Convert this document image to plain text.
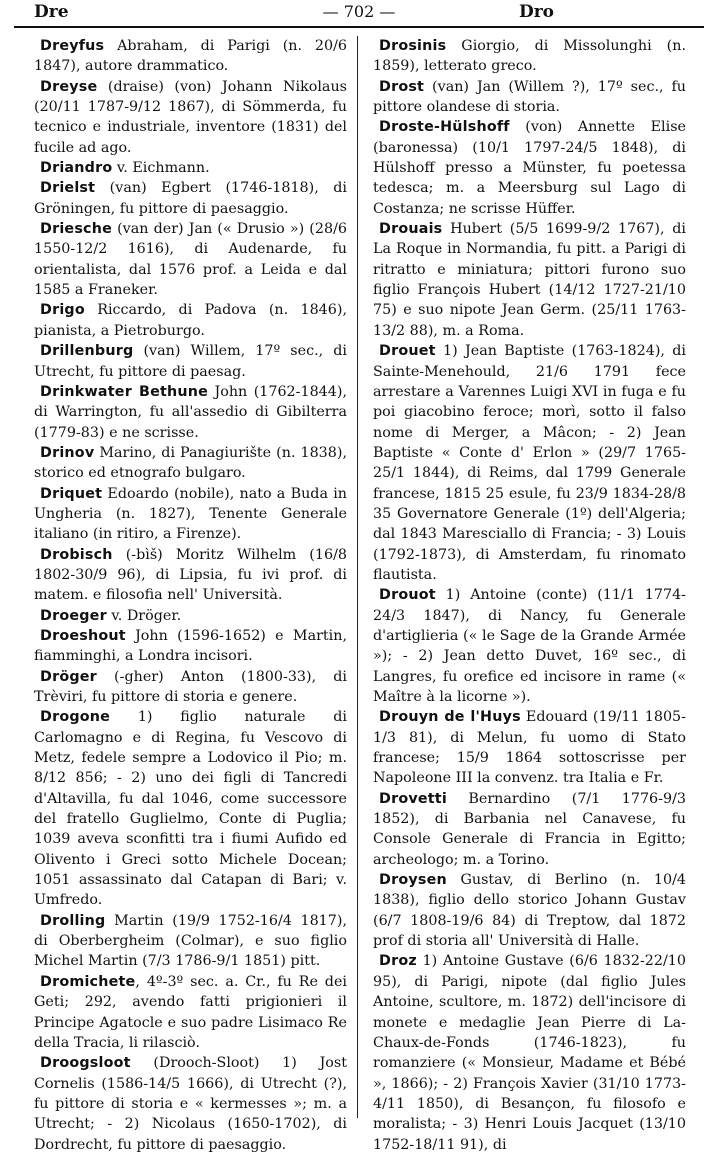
Dre	— 702 —	Dro

Dreyfus Abraham, di Parigi (n. 20/6 1847), autore drammatico.

Dreyse (draise) (von) Johann Nikolaus (20/11 1787-9/12 1867), di Sömmerda, fu tecnico e industriale, inventore (1831) del fucile ad ago.

Driandro v. Eichmann.

Drielst (van) Egbert (1746-1818), di Gröningen, fu pittore di paesaggio.

Driesche (van der) Jan (« Drusio ») (28/6 1550-12/2 1616), di Audenarde, fu orientalista, dal 1576 prof. a Leida e dal 1585 a Franeker.

Drigo Riccardo, di Padova (n. 1846), pianista, a Pietroburgo.

Drillenburg (van) Willem, 17º sec., di Utrecht, fu pittore di paesag.

Drinkwater Bethune John (1762-1844), di Warrington, fu all'assedio di Gibilterra (1779-83) e ne scrisse.

Drinov Marino, di Panagiurište (n. 1838), storico ed etnografo bulgaro.

Driquet Edoardo (nobile), nato a Buda in Ungheria (n. 1827), Tenente Generale italiano (in ritiro, a Firenze).

Drobisch (-bìš) Moritz Wilhelm (16/8 1802-30/9 96), di Lipsia, fu ivi prof. di matem. e filosofia nell' Università.

Droeger v. Dröger.

Droeshout John (1596-1652) e Martin, fiamminghi, a Londra incisori.

Dröger (-gher) Anton (1800-33), di Trèviri, fu pittore di storia e genere.

Drogone 1) figlio naturale di Carlomagno e di Regina, fu Vescovo di Metz, fedele sempre a Lodovico il Pio; m. 8/12 856; - 2) uno dei figli di Tancredi d'Altavilla, fu dal 1046, come successore del fratello Guglielmo, Conte di Puglia; 1039 aveva sconfitti tra i fiumi Aufido ed Olivento i Greci sotto Michele Docean; 1051 assassinato dal Catapan di Bari; v. Umfredo.

Drolling Martin (19/9 1752-16/4 1817), di Oberbergheim (Colmar), e suo figlio Michel Martin (7/3 1786-9/1 1851) pitt.

Dromichete, 4º-3º sec. a. Cr., fu Re dei Geti; 292, avendo fatti prigionieri il Principe Agatocle e suo padre Lisimaco Re della Tracia, li rilasciò.

Droogsloot (Drooch-Sloot) 1) Jost Cornelis (1586-14/5 1666), di Utrecht (?), fu pittore di storia e « kermesses »; m. a Utrecht; - 2) Nicolaus (1650-1702), di Dordrecht, fu pittore di paesaggio.

Drosinis Giorgio, di Missolunghi (n. 1859), letterato greco.

Drost (van) Jan (Willem ?), 17º sec., fu pittore olandese di storia.

Droste-Hülshoff (von) Annette Elise (baronessa) (10/1 1797-24/5 1848), di Hülshoff presso a Münster, fu poetessa tedesca; m. a Meersburg sul Lago di Costanza; ne scrisse Hüffer.

Drouais Hubert (5/5 1699-9/2 1767), di La Roque in Normandia, fu pitt. a Parigi di ritratto e miniatura; pittori furono suo figlio François Hubert (14/12 1727-21/10 75) e suo nipote Jean Germ. (25/11 1763-13/2 88), m. a Roma.

Drouet 1) Jean Baptiste (1763-1824), di Sainte-Menehould, 21/6 1791 fece arrestare a Varennes Luigi XVI in fuga e fu poi giacobino feroce; morì, sotto il falso nome di Merger, a Mâcon; - 2) Jean Baptiste « Conte d' Erlon » (29/7 1765-25/1 1844), di Reims, dal 1799 Generale francese, 1815 25 esule, fu 23/9 1834-28/8 35 Governatore Generale (1º) dell'Algeria; dal 1843 Maresciallo di Francia; - 3) Louis (1792-1873), di Amsterdam, fu rinomato flautista.

Drouot 1) Antoine (conte) (11/1 1774-24/3 1847), di Nancy, fu Generale d'artiglieria (« le Sage de la Grande Armée »); - 2) Jean detto Duvet, 16º sec., di Langres, fu orefice ed incisore in rame (« Maître à la licorne »).

Drouyn de l'Huys Edouard (19/11 1805-1/3 81), di Melun, fu uomo di Stato francese; 15/9 1864 sottoscrisse per Napoleone III la convenz. tra Italia e Fr.

Drovetti Bernardino (7/1 1776-9/3 1852), di Barbania nel Canavese, fu Console Generale di Francia in Egitto; archeologo; m. a Torino.

Droysen Gustav, di Berlino (n. 10/4 1838), figlio dello storico Johann Gustav (6/7 1808-19/6 84) di Treptow, dal 1872 prof di storia all' Università di Halle.

Droz 1) Antoine Gustave (6/6 1832-22/10 95), di Parigi, nipote (dal figlio Jules Antoine, scultore, m. 1872) dell'incisore di monete e medaglie Jean Pierre di La-Chaux-de-Fonds (1746-1823), fu romanziere (« Monsieur, Madame et Bébé », 1866); - 2) François Xavier (31/10 1773-4/11 1850), di Besançon, fu filosofo e moralista; - 3) Henri Louis Jacquet (13/10 1752-18/11 91), di
